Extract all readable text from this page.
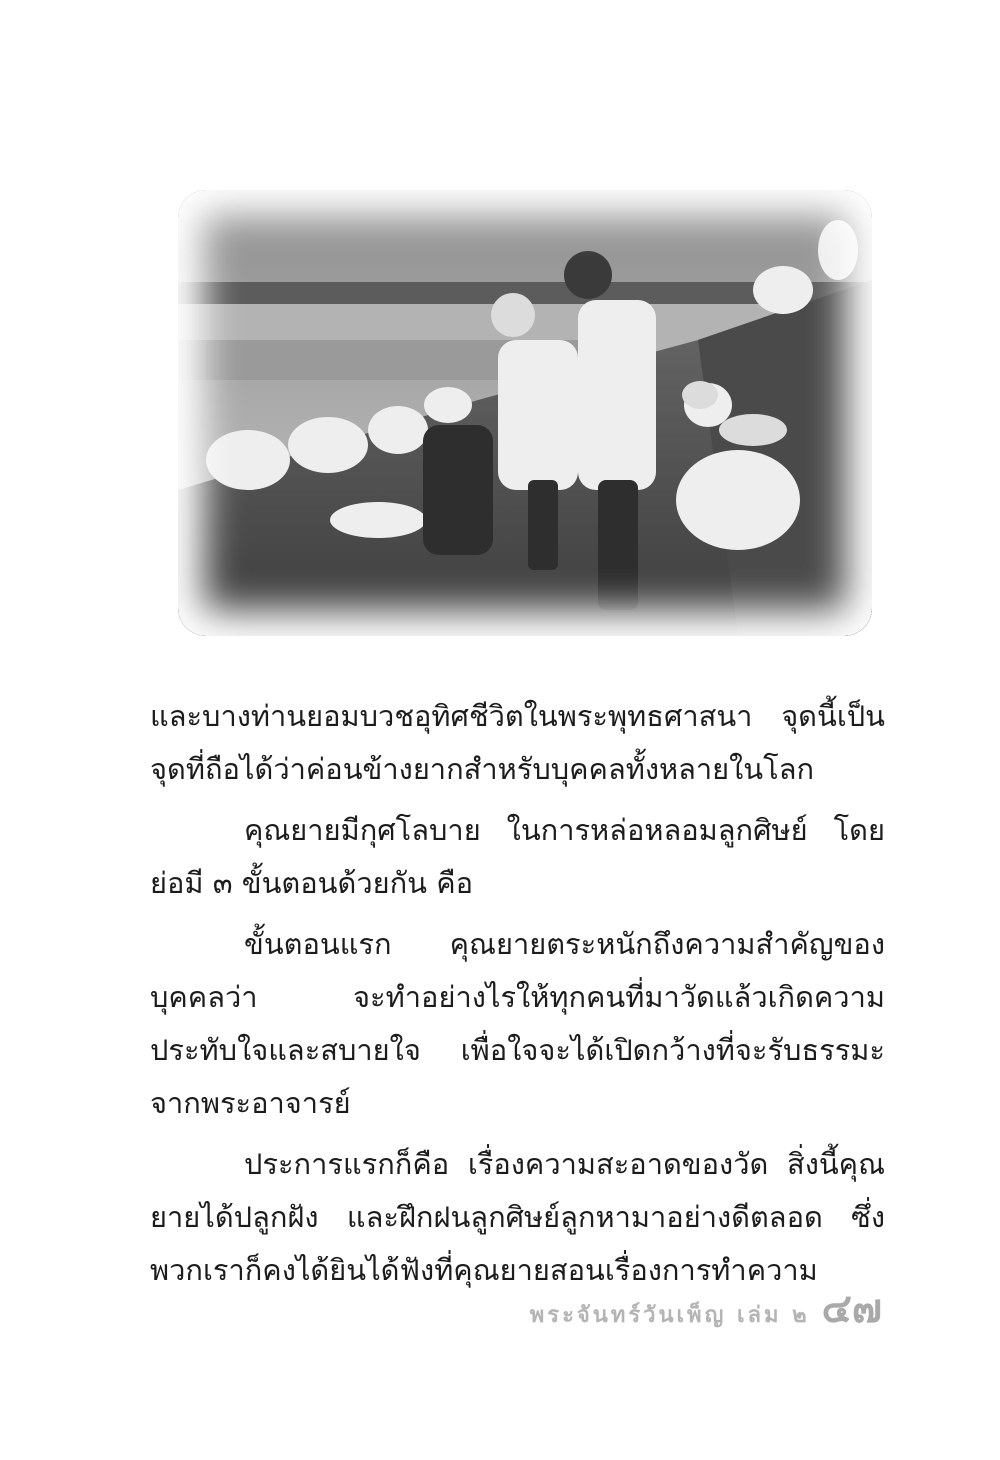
และบางท่านยอมบวชอุทิศชีวิตในพระพุทธศาสนา จุดนี้เป็นจุดที่ถือได้ว่าค่อนข้างยากสำหรับบุคคลทั้งหลายในโลก

คุณยายมีกุศโลบาย ในการหล่อหลอมลูกศิษย์ โดยย่อมี ๓ ขั้นตอนด้วยกัน คือ

ขั้นตอนแรก คุณยายตระหนักถึงความสำคัญของบุคคลว่า จะทำอย่างไรให้ทุกคนที่มาวัดแล้วเกิดความประทับใจและสบายใจ เพื่อใจจะได้เปิดกว้างที่จะรับธรรมะจากพระอาจารย์

ประการแรกก็คือ เรื่องความสะอาดของวัด สิ่งนี้คุณยายได้ปลูกฝัง และฝึกฝนลูกศิษย์ลูกหามาอย่างดีตลอด ซึ่งพวกเราก็คงได้ยินได้ฟังที่คุณยายสอนเรื่องการทำความ

พระจันทร์วันเพ็ญ เล่ม ๒ ๔๗
